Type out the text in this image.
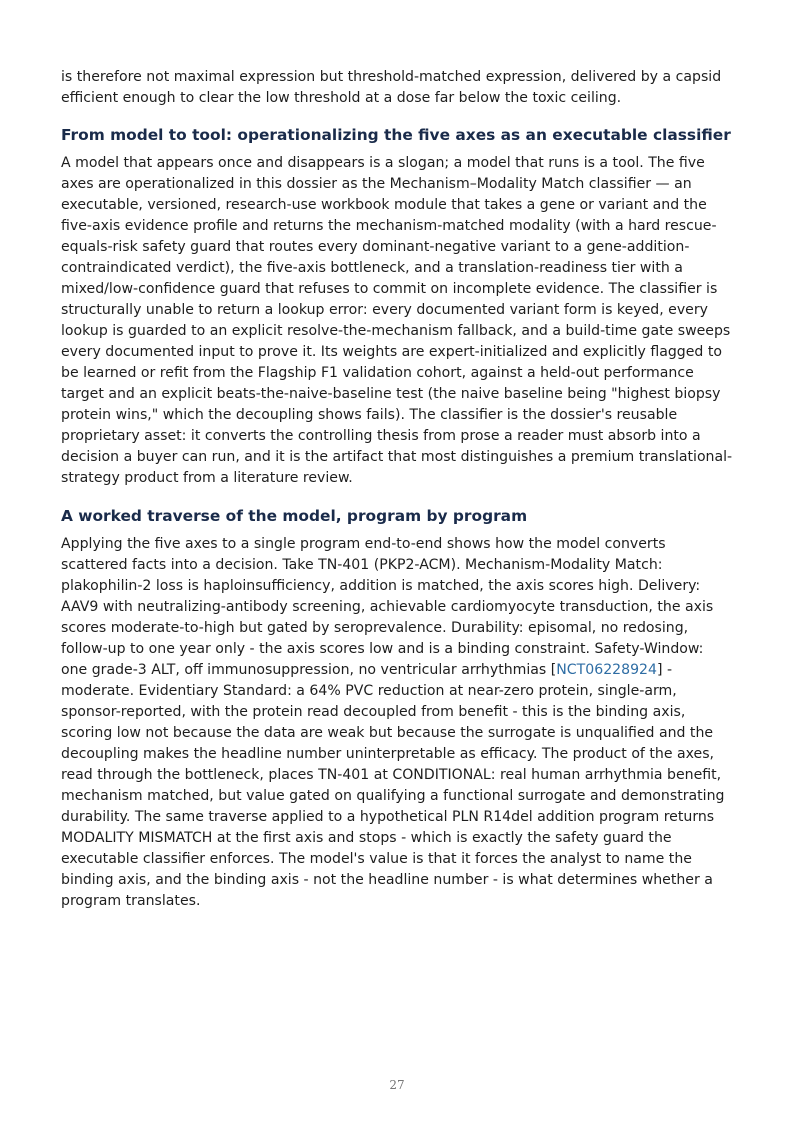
is therefore not maximal expression but threshold-matched expression, delivered by a capsid efficient enough to clear the low threshold at a dose far below the toxic ceiling.

From model to tool: operationalizing the five axes as an executable classifier

A model that appears once and disappears is a slogan; a model that runs is a tool. The five axes are operationalized in this dossier as the Mechanism–Modality Match classifier — an executable, versioned, research-use workbook module that takes a gene or variant and the five-axis evidence profile and returns the mechanism-matched modality (with a hard rescue-equals-risk safety guard that routes every dominant-negative variant to a gene-addition-contraindicated verdict), the five-axis bottleneck, and a translation-readiness tier with a mixed/low-confidence guard that refuses to commit on incomplete evidence. The classifier is structurally unable to return a lookup error: every documented variant form is keyed, every lookup is guarded to an explicit resolve-the-mechanism fallback, and a build-time gate sweeps every documented input to prove it. Its weights are expert-initialized and explicitly flagged to be learned or refit from the Flagship F1 validation cohort, against a held-out performance target and an explicit beats-the-naive-baseline test (the naive baseline being "highest biopsy protein wins," which the decoupling shows fails). The classifier is the dossier's reusable proprietary asset: it converts the controlling thesis from prose a reader must absorb into a decision a buyer can run, and it is the artifact that most distinguishes a premium translational-strategy product from a literature review.

A worked traverse of the model, program by program

Applying the five axes to a single program end-to-end shows how the model converts scattered facts into a decision. Take TN-401 (PKP2-ACM). Mechanism-Modality Match: plakophilin-2 loss is haploinsufficiency, addition is matched, the axis scores high. Delivery: AAV9 with neutralizing-antibody screening, achievable cardiomyocyte transduction, the axis scores moderate-to-high but gated by seroprevalence. Durability: episomal, no redosing, follow-up to one year only - the axis scores low and is a binding constraint. Safety-Window: one grade-3 ALT, off immunosuppression, no ventricular arrhythmias [NCT06228924] - moderate. Evidentiary Standard: a 64% PVC reduction at near-zero protein, single-arm, sponsor-reported, with the protein read decoupled from benefit - this is the binding axis, scoring low not because the data are weak but because the surrogate is unqualified and the decoupling makes the headline number uninterpretable as efficacy. The product of the axes, read through the bottleneck, places TN-401 at CONDITIONAL: real human arrhythmia benefit, mechanism matched, but value gated on qualifying a functional surrogate and demonstrating durability. The same traverse applied to a hypothetical PLN R14del addition program returns MODALITY MISMATCH at the first axis and stops - which is exactly the safety guard the executable classifier enforces. The model's value is that it forces the analyst to name the binding axis, and the binding axis - not the headline number - is what determines whether a program translates.

27
